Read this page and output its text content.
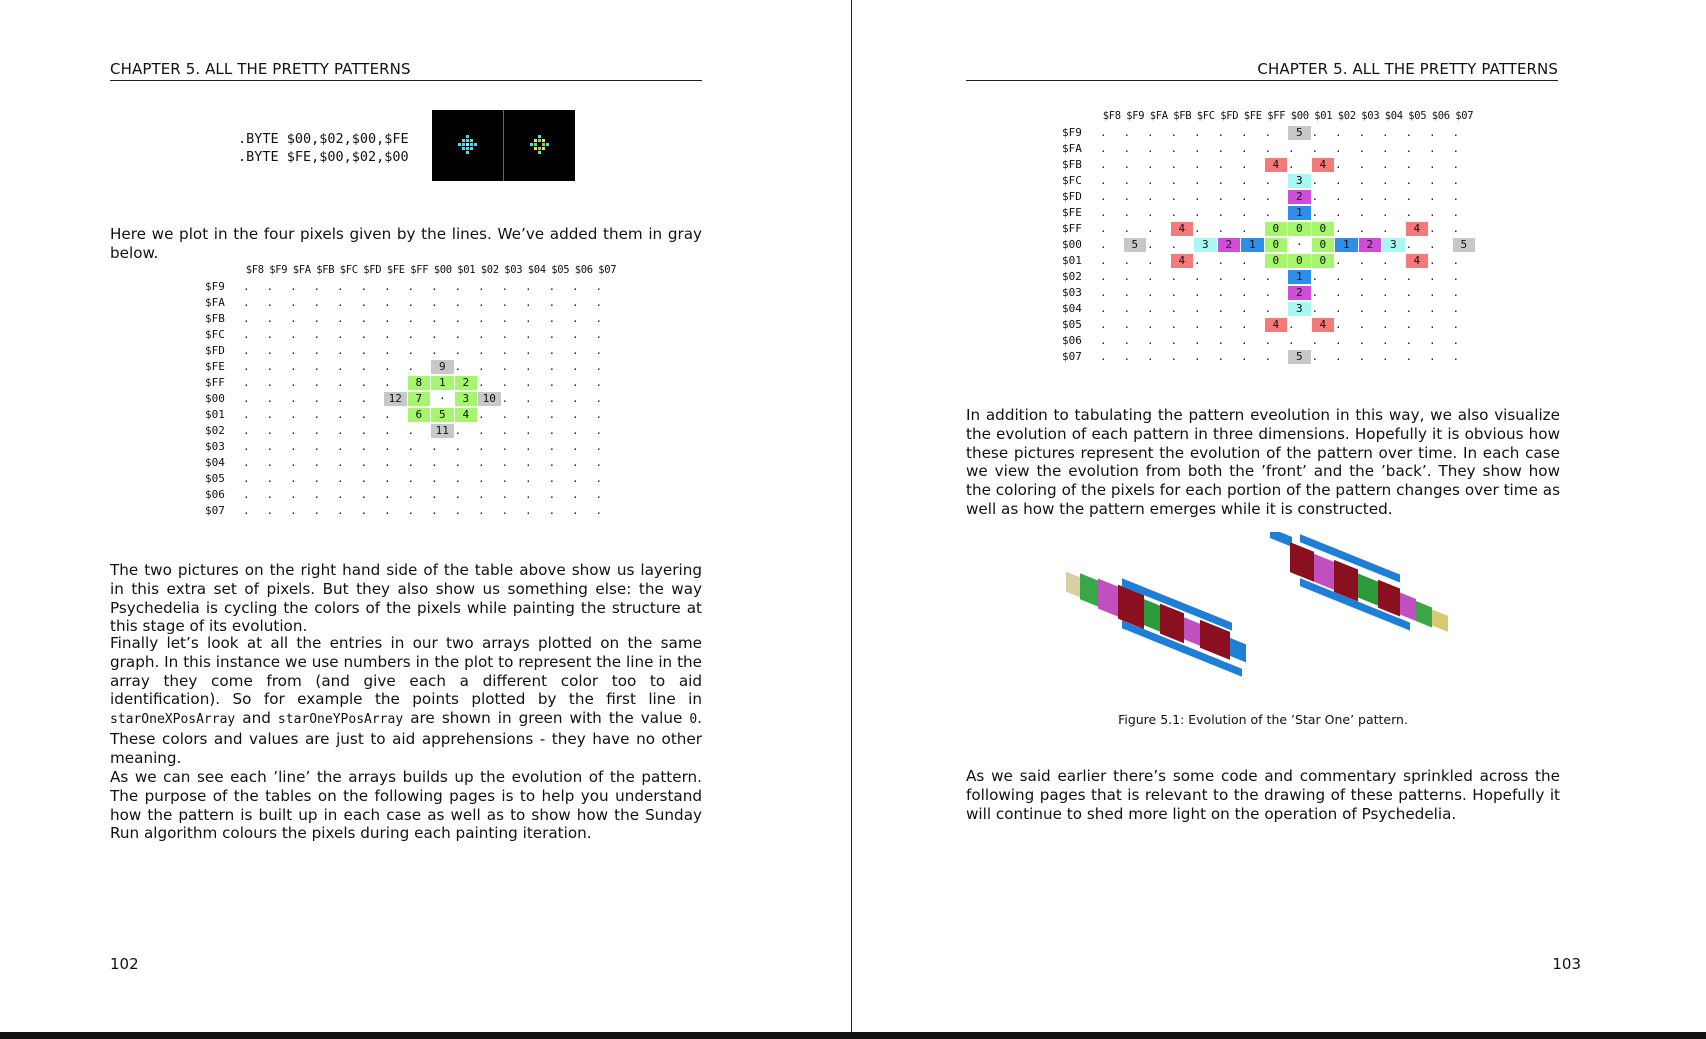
CHAPTER 5. ALL THE PRETTY PATTERNS
.BYTE $00,$02,$00,$FE
.BYTE $FE,$00,$02,$00

Here we plot in the four pixels given by the lines. We’ve added them in gray below.

$F8 $F9 $FA $FB $FC $FD $FE $FF $00 $01 $02 $03 $04 $05 $06 $07
$F9 .	.	.	.	.	.	.	.	.	.	.	.	.	.	.	.
$FA .	.	.	.	.	.	.	.	.	.	.	.	.	.	.	.
$FB .	.	.	.	.	.	.	.	.	.	.	.	.	.	.	.
$FC .	.	.	.	.	.	.	.	.	.	.	.	.	.	.	.
$FD .	.	.	.	.	.	.	.	.	.	.	.	.	.	.	.
$FE .	.	.	.	.	.	.	.	9 .	.	.	.	.	.	.
$FF .	.	.	.	.	.	.	8	1	2 .	.	.	.	.	.
$00 .	.	.	.	.	.	12	7	·	3	10 .	.	.	.	.
$01 .	.	.	.	.	.	.	6	5	4 .	.	.	.	.	.
$02 .	.	.	.	.	.	.	.	11 .	.	.	.	.	.	.
$03 .	.	.	.	.	.	.	.	.	.	.	.	.	.	.	.
$04 .	.	.	.	.	.	.	.	.	.	.	.	.	.	.	.
$05 .	.	.	.	.	.	.	.	.	.	.	.	.	.	.	.
$06 .	.	.	.	.	.	.	.	.	.	.	.	.	.	.	.
$07 .	.	.	.	.	.	.	.	.	.	.	.	.	.	.	.

The two pictures on the right hand side of the table above show us layering in this extra set of pixels. But they also show us something else: the way Psychedelia is cycling the colors of the pixels while painting the structure at this stage of its evolution.

Finally let’s look at all the entries in our two arrays plotted on the same graph. In this instance we use numbers in the plot to represent the line in the array they come from (and give each a different color too to aid identification). So for example the points plotted by the first line in starOneXPosArray and starOneYPosArray are shown in green with the value 0. These colors and values are just to aid apprehensions - they have no other meaning.

As we can see each ’line’ the arrays builds up the evolution of the pattern. The purpose of the tables on the following pages is to help you understand how the pattern is built up in each case as well as to show how the Sunday Run algorithm colours the pixels during each painting iteration.

102
CHAPTER 5. ALL THE PRETTY PATTERNS
$F8 $F9 $FA $FB $FC $FD $FE $FF $00 $01 $02 $03 $04 $05 $06 $07
$F9 .	.	.	.	.	.	.	.	5 .	.	.	.	.	.	.
$FA .	.	.	.	.	.	.	.	.	.	.	.	.	.	.	.
$FB .	.	.	.	.	.	.	4 .	4 .	.	.	.	.	.
$FC .	.	.	.	.	.	.	.	3 .	.	.	.	.	.	.
$FD .	.	.	.	.	.	.	.	2 .	.	.	.	.	.	.
$FE .	.	.	.	.	.	.	.	1 .	.	.	.	.	.	.
$FF .	.	.	4 .	.	.	0	0	0 .	.	.	4 .	.
$00 .	5 .	.	3	2	1	0	·	0	1	2	3 .	.	5
$01 .	.	.	4 .	.	.	0	0	0 .	.	.	4 .	.
$02 .	.	.	.	.	.	.	.	1 .	.	.	.	.	.	.
$03 .	.	.	.	.	.	.	.	2 .	.	.	.	.	.	.
$04 .	.	.	.	.	.	.	.	3 .	.	.	.	.	.	.
$05 .	.	.	.	.	.	.	4 .	4 .	.	.	.	.	.
$06 .	.	.	.	.	.	.	.	.	.	.	.	.	.	.	.
$07 .	.	.	.	.	.	.	.	5 .	.	.	.	.	.	.

In addition to tabulating the pattern eveolution in this way, we also visualize the evolution of each pattern in three dimensions. Hopefully it is obvious how these pictures represent the evolution of the pattern over time. In each case we view the evolution from both the ’front’ and the ’back’. They show how the coloring of the pixels for each portion of the pattern changes over time as well as how the pattern emerges while it is constructed.

Figure 5.1: Evolution of the ’Star One’ pattern.

As we said earlier there’s some code and commentary sprinkled across the following pages that is relevant to the drawing of these patterns. Hopefully it will continue to shed more light on the operation of Psychedelia.

103
